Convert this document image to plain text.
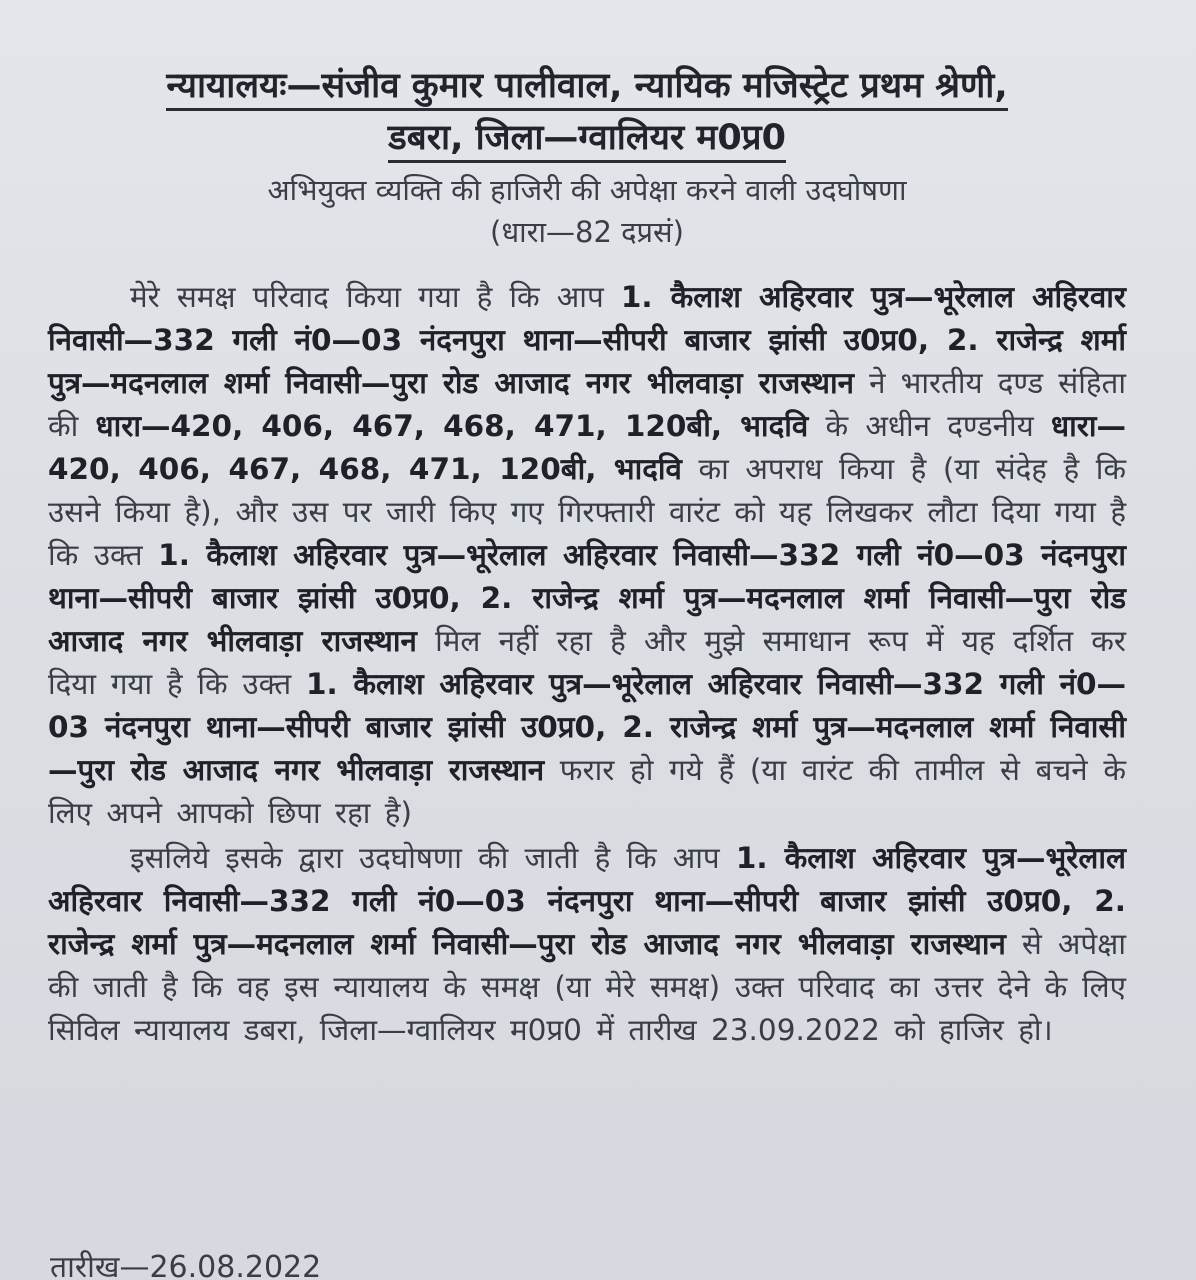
न्यायालयः—संजीव कुमार पालीवाल, न्यायिक मजिस्ट्रेट प्रथम श्रेणी,
डबरा, जिला—ग्वालियर म0प्र0
अभियुक्त व्यक्ति की हाजिरी की अपेक्षा करने वाली उदघोषणा
(धारा—82 दप्रसं)

मेरे समक्ष परिवाद किया गया है कि आप 1. कैलाश अहिरवार पुत्र—भूरेलाल अहिरवार निवासी—332 गली नं0—03 नंदनपुरा थाना—सीपरी बाजार झांसी उ0प्र0, 2. राजेन्द्र शर्मा पुत्र—मदनलाल शर्मा निवासी—पुरा रोड आजाद नगर भीलवाड़ा राजस्थान ने भारतीय दण्ड संहिता की धारा—420, 406, 467, 468, 471, 120बी, भादवि के अधीन दण्डनीय धारा—420, 406, 467, 468, 471, 120बी, भादवि का अपराध किया है (या संदेह है कि उसने किया है), और उस पर जारी किए गए गिरफ्तारी वारंट को यह लिखकर लौटा दिया गया है कि उक्त 1. कैलाश अहिरवार पुत्र—भूरेलाल अहिरवार निवासी—332 गली नं0—03 नंदनपुरा थाना—सीपरी बाजार झांसी उ0प्र0, 2. राजेन्द्र शर्मा पुत्र—मदनलाल शर्मा निवासी—पुरा रोड आजाद नगर भीलवाड़ा राजस्थान मिल नहीं रहा है और मुझे समाधान रूप में यह दर्शित कर दिया गया है कि उक्त 1. कैलाश अहिरवार पुत्र—भूरेलाल अहिरवार निवासी—332 गली नं0—03 नंदनपुरा थाना—सीपरी बाजार झांसी उ0प्र0, 2. राजेन्द्र शर्मा पुत्र—मदनलाल शर्मा निवासी—पुरा रोड आजाद नगर भीलवाड़ा राजस्थान फरार हो गये हैं (या वारंट की तामील से बचने के लिए अपने आपको छिपा रहा है)

इसलिये इसके द्वारा उदघोषणा की जाती है कि आप 1. कैलाश अहिरवार पुत्र—भूरेलाल अहिरवार निवासी—332 गली नं0—03 नंदनपुरा थाना—सीपरी बाजार झांसी उ0प्र0, 2. राजेन्द्र शर्मा पुत्र—मदनलाल शर्मा निवासी—पुरा रोड आजाद नगर भीलवाड़ा राजस्थान से अपेक्षा की जाती है कि वह इस न्यायालय के समक्ष (या मेरे समक्ष) उक्त परिवाद का उत्तर देने के लिए सिविल न्यायालय डबरा, जिला—ग्वालियर म0प्र0 में तारीख 23.09.2022 को हाजिर हो।

तारीख—26.08.2022
